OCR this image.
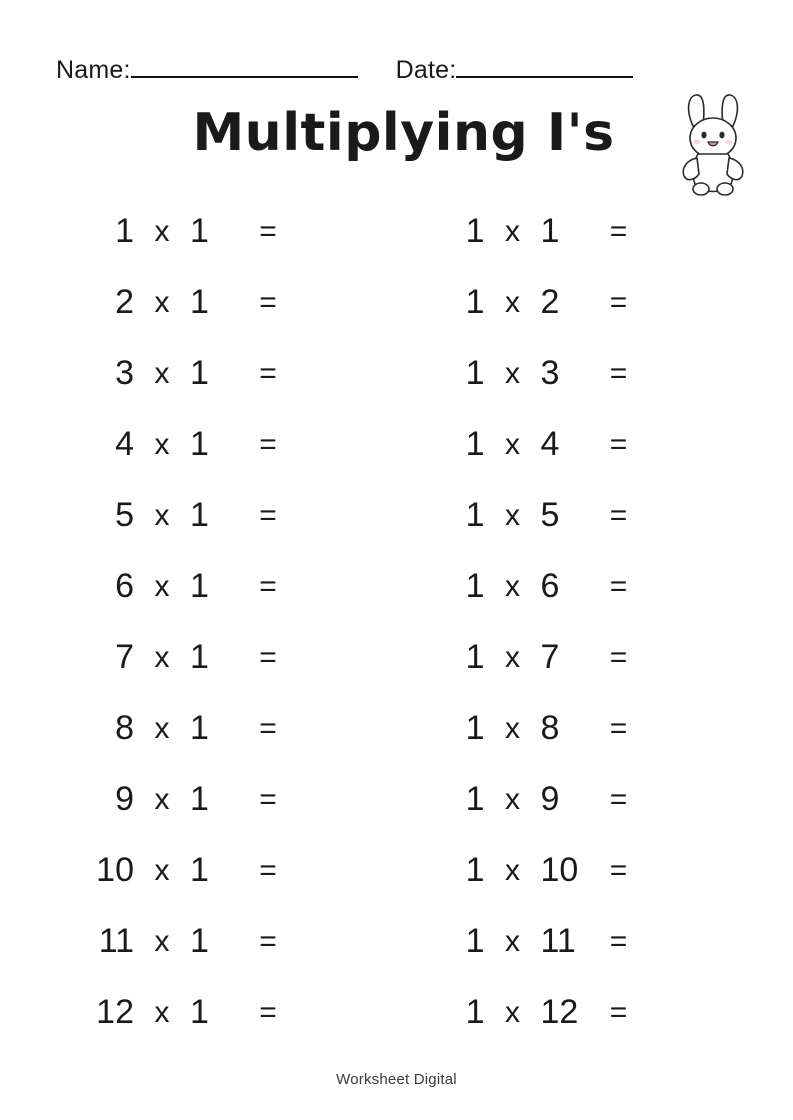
Name:	Date:
Multiplying I's
1 x 1	=	1 x 1	=
2 x 1	=	1 x 2	=
3 x 1	=	1 x 3	=
4 x 1	=	1 x 4	=
5 x 1	=	1 x 5	=
6 x 1	=	1 x 6	=
7 x 1	=	1 x 7	=
8 x 1	=	1 x 8	=
9 x 1	=	1 x 9	=
10 x 1	=	1 x 10	=
11 x 1	=	1 x 11	=
12 x 1	=	1 x 12	=
Worksheet Digital
